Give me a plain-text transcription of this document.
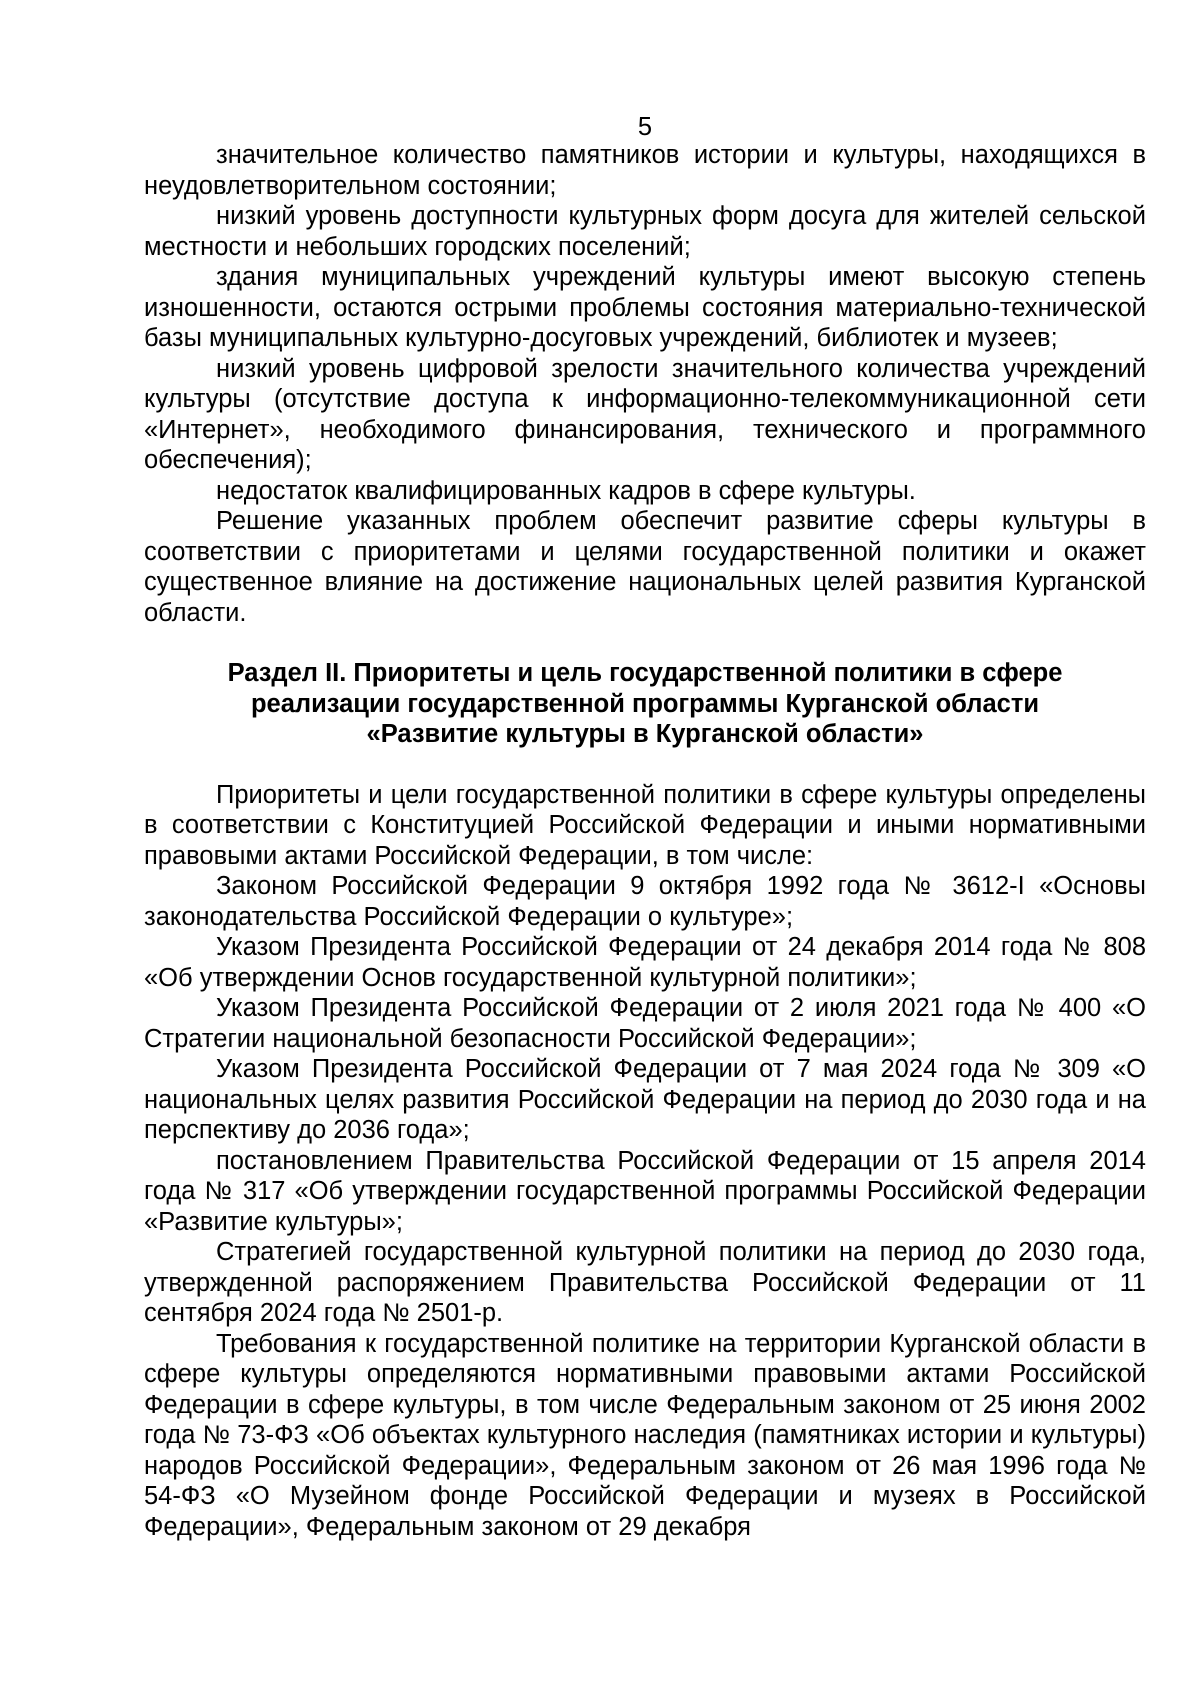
5

значительное количество памятников истории и культуры, находящихся в неудовлетворительном состоянии;

низкий уровень доступности культурных форм досуга для жителей сельской местности и небольших городских поселений;

здания муниципальных учреждений культуры имеют высокую степень изношенности, остаются острыми проблемы состояния материально-технической базы муниципальных культурно-досуговых учреждений, библиотек и музеев;

низкий уровень цифровой зрелости значительного количества учреждений культуры (отсутствие доступа к информационно-телекоммуникационной сети «Интернет», необходимого финансирования, технического и программного обеспечения);

недостаток квалифицированных кадров в сфере культуры.

Решение указанных проблем обеспечит развитие сферы культуры в соответствии с приоритетами и целями государственной политики и окажет существенное влияние на достижение национальных целей развития Курганской области.

Раздел II. Приоритеты и цель государственной политики в сфере
реализации государственной программы Курганской области
«Развитие культуры в Курганской области»

Приоритеты и цели государственной политики в сфере культуры определены в соответствии с Конституцией Российской Федерации и иными нормативными правовыми актами Российской Федерации, в том числе:

Законом Российской Федерации 9 октября 1992 года № 3612-I «Основы законодательства Российской Федерации о культуре»;

Указом Президента Российской Федерации от 24 декабря 2014 года № 808 «Об утверждении Основ государственной культурной политики»;

Указом Президента Российской Федерации от 2 июля 2021 года № 400 «О Стратегии национальной безопасности Российской Федерации»;

Указом Президента Российской Федерации от 7 мая 2024 года № 309 «О национальных целях развития Российской Федерации на период до 2030 года и на перспективу до 2036 года»;

постановлением Правительства Российской Федерации от 15 апреля 2014 года № 317 «Об утверждении государственной программы Российской Федерации «Развитие культуры»;

Стратегией государственной культурной политики на период до 2030 года, утвержденной распоряжением Правительства Российской Федерации от 11 сентября 2024 года № 2501-р.

Требования к государственной политике на территории Курганской области в сфере культуры определяются нормативными правовыми актами Российской Федерации в сфере культуры, в том числе Федеральным законом от 25 июня 2002 года № 73-ФЗ «Об объектах культурного наследия (памятниках истории и культуры) народов Российской Федерации», Федеральным законом от 26 мая 1996 года № 54-ФЗ «О Музейном фонде Российской Федерации и музеях в Российской Федерации», Федеральным законом от 29 декабря
